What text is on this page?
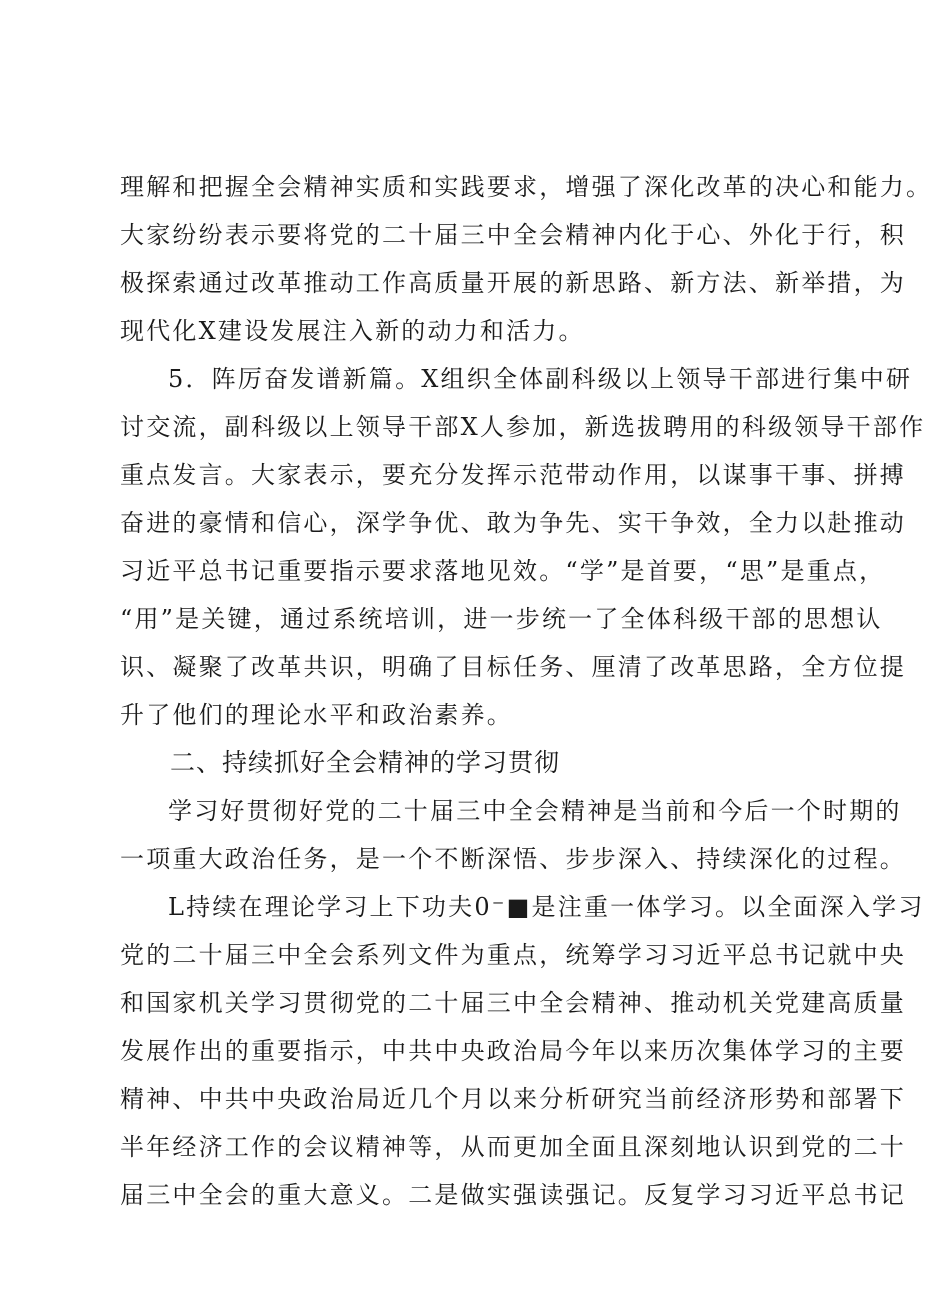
理解和把握全会精神实质和实践要求，增强了深化改革的决心和能力。
大家纷纷表示要将党的二十届三中全会精神内化于心、外化于行，积
极探索通过改革推动工作高质量开展的新思路、新方法、新举措，为
现代化X建设发展注入新的动力和活力。
5．阵厉奋发谱新篇。X组织全体副科级以上领导干部进行集中研
讨交流，副科级以上领导干部X人参加，新选拔聘用的科级领导干部作
重点发言。大家表示，要充分发挥示范带动作用，以谋事干事、拼搏
奋进的豪情和信心，深学争优、敢为争先、实干争效，全力以赴推动
习近平总书记重要指示要求落地见效。“学”是首要，“思”是重点，
“用”是关键，通过系统培训，进一步统一了全体科级干部的思想认
识、凝聚了改革共识，明确了目标任务、厘清了改革思路，全方位提
升了他们的理论水平和政治素养。
二、持续抓好全会精神的学习贯彻
学习好贯彻好党的二十届三中全会精神是当前和今后一个时期的
一项重大政治任务，是一个不断深悟、步步深入、持续深化的过程。
L持续在理论学习上下功夫0⁻■是注重一体学习。以全面深入学习
党的二十届三中全会系列文件为重点，统筹学习习近平总书记就中央
和国家机关学习贯彻党的二十届三中全会精神、推动机关党建高质量
发展作出的重要指示，中共中央政治局今年以来历次集体学习的主要
精神、中共中央政治局近几个月以来分析研究当前经济形势和部署下
半年经济工作的会议精神等，从而更加全面且深刻地认识到党的二十
届三中全会的重大意义。二是做实强读强记。反复学习习近平总书记
